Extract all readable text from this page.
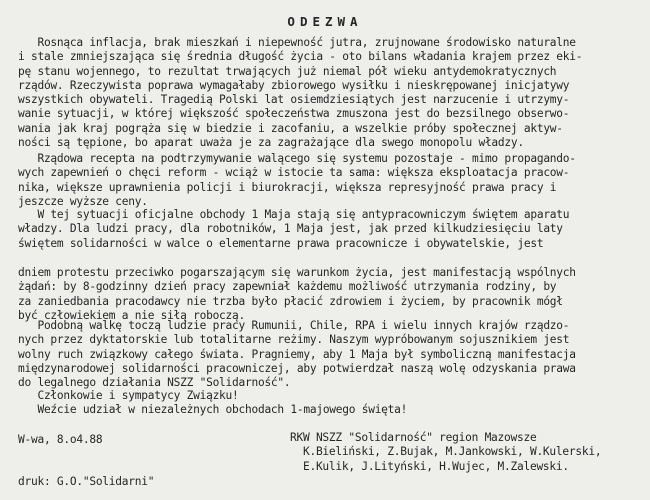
ODEZWA

Rosnąca inflacja, brak mieszkań i niepewność jutra, zrujnowane środowisko naturalne
i stale zmniejszająca się średnia długość życia - oto bilans władania krajem przez eki-
pę stanu wojennego, to rezultat trwających już niemal pół wieku antydemokratycznych
rządów. Rzeczywista poprawa wymagałaby zbiorowego wysiłku i nieskrępowanej inicjatywy
wszystkich obywateli. Tragedią Polski lat osiemdziesiątych jest narzucenie i utrzymy-
wanie sytuacji, w której większość społeczeństwa zmuszona jest do bezsilnego obserwo-
wania jak kraj pogrąża się w biedzie i zacofaniu, a wszelkie próby społecznej aktyw-
ności są tępione, bo aparat uważa je za zagrażające dla swego monopolu władzy.

Rządowa recepta na podtrzymywanie walącego się systemu pozostaje - mimo propagando-
wych zapewnień o chęci reform - wciąż w istocie ta sama: większa eksploatacja pracow-
nika, większe uprawnienia policji i biurokracji, większa represyjność prawa pracy i
jeszcze wyższe ceny.

W tej sytuacji oficjalne obchody 1 Maja stają się antypracowniczym świętem aparatu
władzy. Dla ludzi pracy, dla robotników, 1 Maja jest, jak przed kilkudziesięciu laty
świętem solidarności w walce o elementarne prawa pracownicze i obywatelskie, jest

dniem protestu przeciwko pogarszającym się warunkom życia, jest manifestacją wspólnych
żądań: by 8-godzinny dzień pracy zapewniał każdemu możliwość utrzymania rodziny, by
za zaniedbania pracodawcy nie trzba było płacić zdrowiem i życiem, by pracownik mógł
być człowiekiem a nie siłą roboczą.

Podobną walkę toczą ludzie pracy Rumunii, Chile, RPA i wielu innych krajów rządzo-
nych przez dyktatorskie lub totalitarne reżimy. Naszym wypróbowanym sojusznikiem jest
wolny ruch związkowy całego świata. Pragniemy, aby 1 Maja był symboliczną manifestacja
międzynarodowej solidarności pracowniczej, aby potwierdzał naszą wolę odzyskania prawa
do legalnego działania NSZZ "Solidarność".

Członkowie i sympatycy Związku!
Weźcie udział w niezależnych obchodach 1-majowego święta!

W-wa, 8.o4.88	RKW NSZZ "Solidarność" region Mazowsze
K.Bieliński, Z.Bujak, M.Jankowski, W.Kulerski,
E.Kulik, J.Lityński, H.Wujec, M.Zalewski.
druk: G.O."Solidarni"
